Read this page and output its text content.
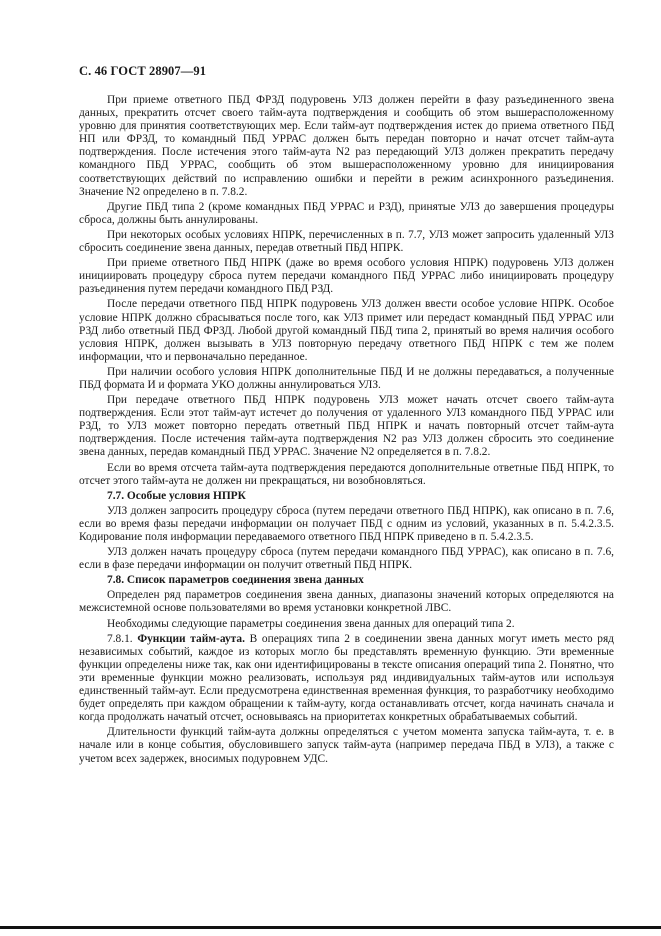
С. 46 ГОСТ 28907—91

При приеме ответного ПБД ФРЗД подуровень УЛЗ должен перейти в фазу разъединенного звена данных, прекратить отсчет своего тайм-аута подтверждения и сообщить об этом вышерасположенному уровню для принятия соответствующих мер. Если тайм-аут подтверждения истек до приема ответного ПБД НП или ФРЗД, то командный ПБД УРРАС должен быть передан повторно и начат отсчет тайм-аута подтверждения. После истечения этого тайм-аута N2 раз передающий УЛЗ должен прекратить передачу командного ПБД УРРАС, сообщить об этом вышерасположенному уровню для инициирования соответствующих действий по исправлению ошибки и перейти в режим асинхронного разъединения. Значение N2 определено в п. 7.8.2.

Другие ПБД типа 2 (кроме командных ПБД УРРАС и РЗД), принятые УЛЗ до завершения процедуры сброса, должны быть аннулированы.

При некоторых особых условиях НПРК, перечисленных в п. 7.7, УЛЗ может запросить удаленный УЛЗ сбросить соединение звена данных, передав ответный ПБД НПРК.

При приеме ответного ПБД НПРК (даже во время особого условия НПРК) подуровень УЛЗ должен инициировать процедуру сброса путем передачи командного ПБД УРРАС либо инициировать процедуру разъединения путем передачи командного ПБД РЗД.

После передачи ответного ПБД НПРК подуровень УЛЗ должен ввести особое условие НПРК. Особое условие НПРК должно сбрасываться после того, как УЛЗ примет или передаст командный ПБД УРРАС или РЗД либо ответный ПБД ФРЗД. Любой другой командный ПБД типа 2, принятый во время наличия особого условия НПРК, должен вызывать в УЛЗ повторную передачу ответного ПБД НПРК с тем же полем информации, что и первоначально переданное.

При наличии особого условия НПРК дополнительные ПБД И не должны передаваться, а полученные ПБД формата И и формата УКО должны аннулироваться УЛЗ.

При передаче ответного ПБД НПРК подуровень УЛЗ может начать отсчет своего тайм-аута подтверждения. Если этот тайм-аут истечет до получения от удаленного УЛЗ командного ПБД УРРАС или РЗД, то УЛЗ может повторно передать ответный ПБД НПРК и начать повторный отсчет тайм-аута подтверждения. После истечения тайм-аута подтверждения N2 раз УЛЗ должен сбросить это соединение звена данных, передав командный ПБД УРРАС. Значение N2 определяется в п. 7.8.2.

Если во время отсчета тайм-аута подтверждения передаются дополнительные ответные ПБД НПРК, то отсчет этого тайм-аута не должен ни прекращаться, ни возобновляться.

7.7. Особые условия НПРК

УЛЗ должен запросить процедуру сброса (путем передачи ответного ПБД НПРК), как описано в п. 7.6, если во время фазы передачи информации он получает ПБД с одним из условий, указанных в п. 5.4.2.3.5. Кодирование поля информации передаваемого ответного ПБД НПРК приведено в п. 5.4.2.3.5.

УЛЗ должен начать процедуру сброса (путем передачи командного ПБД УРРАС), как описано в п. 7.6, если в фазе передачи информации он получит ответный ПБД НПРК.

7.8. Список параметров соединения звена данных

Определен ряд параметров соединения звена данных, диапазоны значений которых определяются на межсистемной основе пользователями во время установки конкретной ЛВС.

Необходимы следующие параметры соединения звена данных для операций типа 2.

7.8.1. Функции тайм-аута. В операциях типа 2 в соединении звена данных могут иметь место ряд независимых событий, каждое из которых могло бы представлять временную функцию. Эти временные функции определены ниже так, как они идентифицированы в тексте описания операций типа 2. Понятно, что эти временные функции можно реализовать, используя ряд индивидуальных тайм-аутов или используя единственный тайм-аут. Если предусмотрена единственная временная функция, то разработчику необходимо будет определять при каждом обращении к тайм-ауту, когда останавливать отсчет, когда начинать сначала и когда продолжать начатый отсчет, основываясь на приоритетах конкретных обрабатываемых событий.

Длительности функций тайм-аута должны определяться с учетом момента запуска тайм-аута, т. е. в начале или в конце события, обусловившего запуск тайм-аута (например передача ПБД в УЛЗ), а также с учетом всех задержек, вносимых подуровнем УДС.
